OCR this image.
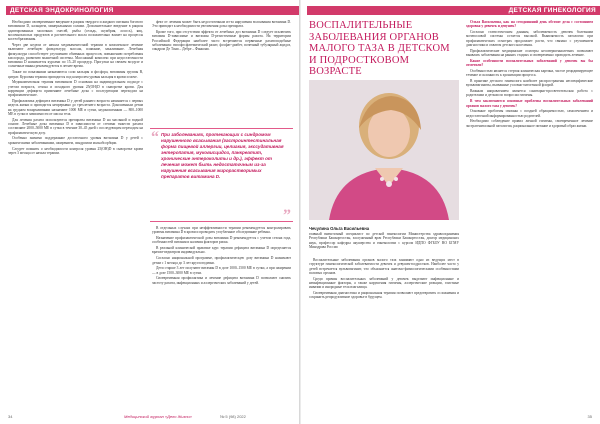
ДЕТСКАЯ ЭНДОКРИНОЛОГИЯ

Необходимо своевременное введение в рацион твердого и жидкого питания богатого витамином D, кальцием, минеральными солями. Дополнительное введение в рацион адаптированных молочных смесей, рыбы (сельдь, скумбрия, лосось), яиц, молочнокислых продуктов и растительного масла положительно влияет на процессы костеобразования.

Через две недели от начала медикаментозной терапии в комплексное лечение включают лечебную физкультуру, массаж, плавание, закаливание. Лечебная физкультура способствует улучшению обменных процессов, повышению потребления кислорода, развитию мышечной системы. Массажный комплекс при недостаточности витамина D назначается курсами по 15–20 процедур. Прогулки на свежем воздухе и солнечные ванны рекомендуются в летнее время.

Также по показаниям назначаются соли кальция и фосфора, витамины группы B, цитрат. Курсовая терапия проводится под контролем уровня кальция в крови и моче.

Медикаментозная терапия витамином D основана на индивидуальном подходе с учетом возраста, сезона и исходного уровня 25(OH)D в сыворотке крови. Для коррекции дефицита применяют лечебные дозы с последующим переходом на профилактические.

Профилактика дефицита витамина D у детей раннего возраста начинается с первых недель жизни и проводится непрерывно до трехлетнего возраста. Доношенным детям на грудном вскармливании назначают 1000 МЕ в сутки, недоношенным — 800–1000 МЕ в сутки в зависимости от массы тела.

Для лечения рахита используются препараты витамина D на масляной и водной основе. Лечебные дозы витамина D в зависимости от степени тяжести рахита составляют 2000–5000 МЕ в сутки в течение 30–45 дней с последующим переходом на профилактическую дозу.

Особенно значимо поддержание достаточного уровня витамина D у детей с хроническими заболеваниями, ожирением, синдромом мальабсорбции.

Следует помнить о необходимости контроля уровня 25(OH)D в сыворотке крови через 3 месяца от начала терапии.

фект от лечения может быть недостаточным из-за нарушения всасывания витамина D. Это приводит к необходимости увеличения дозы препарата.

Кроме того, при отсутствии эффекта от лечебных доз витамина D следует исключить витамин D-зависимые и витамин D-резистентные формы рахита. На территории Российской Федерации наиболее часто встречаются первичные рахитоподобные заболевания: гипофосфатемический рахит, фосфат-диабет, почечный тубулярный ацидоз, синдром Де Тони – Дебре – Фанкони.

“ При заболеваниях, протекающих с синдромом нарушенного всасывания (гастроинтестинальная форма пищевой аллергии, целиакия, экссудативная энтеропатия, муковисцидоз, панкреатит, хронические энтероколиты и др.), эффект от лечения может быть недостаточным из-за нарушения всасывания жирорастворимых препаратов витамина D.
”

В отдельных случаях при неэффективности терапии рекомендуется контролировать уровень витамина D в крови и проводить углубленное обследование ребенка.

Назначение профилактической дозы витамина D рекомендуется с учетом сезона года, особенностей питания и наличия факторов риска.

В реальной клинической практике курс терапии дефицита витамина D определяется врачом-педиатром индивидуально.

Согласно национальной программе, профилактическую дозу витамина D назначают детям с 1 месяца до 3 лет круглогодично.

Дети старше 3 лет получают витамин D в дозе 1000–1500 МЕ в сутки, а при ожирении — в дозе 1500–3000 МЕ в сутки.

Своевременная профилактика и лечение дефицита витамина D позволяют снизить частоту рахита, инфекционных и аллергических заболеваний у детей.

34	Медицинский журнал «Дело Жизни»	№ 5 (98) 2022
ДЕТСКАЯ ГИНЕКОЛОГИЯ
ВОСПАЛИТЕЛЬНЫЕ ЗАБОЛЕВАНИЯ ОРГАНОВ МАЛОГО ТАЗА В ДЕТСКОМ И ПОДРОСТКОВОМ ВОЗРАСТЕ
Чечулина Ольга Васильевна
главный внештатный специалист по детской гинекологии Министерства здравоохранения Республики Башкортостан, заслуженный врач Республики Башкортостан, доктор медицинских наук, профессор кафедры акушерства и гинекологии с курсом ИДПО ФГБОУ ВО БГМУ Минздрава России

Воспалительные заболевания органов малого таза занимают одно из ведущих мест в структуре гинекологической заболеваемости девочек и девушек-подростков. Наиболее часто у детей встречается вульвовагинит, что объясняется анатомо-физиологическими особенностями половых органов.

Среди причин воспалительных заболеваний у девочек выделяют инфекционные и неинфекционные факторы, а также нарушения гигиены, аллергические реакции, глистные инвазии и инородные тела влагалища.

Своевременная диагностика и рациональная терапия позволяют предотвратить осложнения и сохранить репродуктивное здоровье в будущем.

Ольга Васильевна, как на сегодняшний день обстоят дела с состоянием здоровья у девочек и девушек?

Согласно статистическим данным, заболеваемость девочек болезнями мочеполовой системы остается высокой. Выявляемость патологии при профилактических осмотрах продолжает расти, что связано с улучшением диагностики и охватом детского населения.

Профилактические медицинские осмотры несовершеннолетних позволяют выявлять заболевания на ранних стадиях и своевременно проводить лечение.

Какие особенности воспалительных заболеваний у девочек вы бы отметили?

Особенностью является стертая клиническая картина, частое рецидивирующее течение и склонность к хронизации процесса.

В практике детского гинеколога наиболее распространены неспецифические вульвовагиниты, вызванные условно-патогенной флорой.

Важным направлением является санитарно-просветительская работа с родителями и детьми по вопросам гигиены.

В чем заключаются основные проблемы воспалительных заболеваний органов малого таза у девочек?

Основные проблемы связаны с поздней обращаемостью, самолечением и недостаточной информированностью родителей.

Необходимо соблюдение правил личной гигиены, своевременное лечение экстрагенитальной патологии, рациональное питание и здоровый образ жизни.

35
